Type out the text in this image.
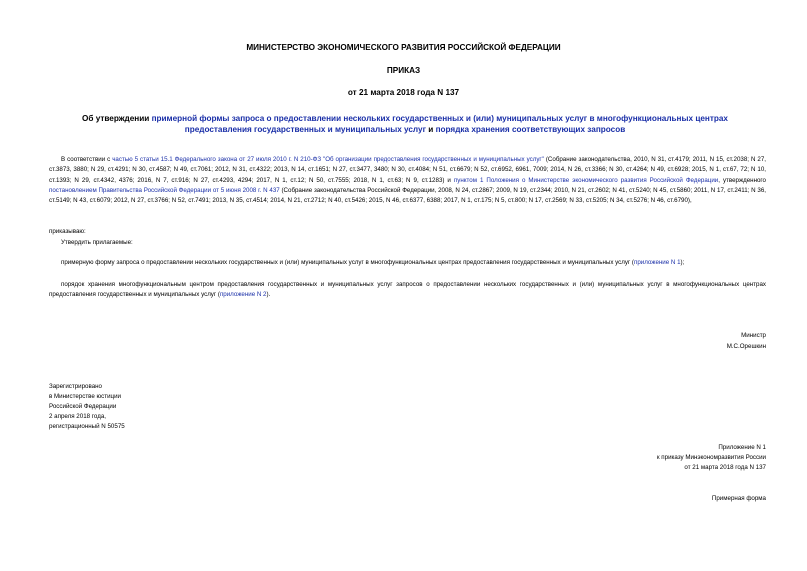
МИНИСТЕРСТВО ЭКОНОМИЧЕСКОГО РАЗВИТИЯ РОССИЙСКОЙ ФЕДЕРАЦИИ
ПРИКАЗ
от 21 марта 2018 года N 137
Об утверждении примерной формы запроса о предоставлении нескольких государственных и (или) муниципальных услуг в многофункциональных центрах предоставления государственных и муниципальных услуг и порядка хранения соответствующих запросов
В соответствии с частью 5 статьи 15.1 Федерального закона от 27 июля 2010 г. N 210-ФЗ "Об организации предоставления государственных и муниципальных услуг" (Собрание законодательства, 2010, N 31, ст.4179; 2011, N 15, ст.2038; N 27, ст.3873, 3880; N 29, ст.4291; N 30, ст.4587; N 49, ст.7061; 2012, N 31, ст.4322; 2013, N 14, ст.1651; N 27, ст.3477, 3480; N 30, ст.4084; N 51, ст.6679; N 52, ст.6952, 6961, 7009; 2014, N 26, ст.3366; N 30, ст.4264; N 49, ст.6928; 2015, N 1, ст.67, 72; N 10, ст.1393; N 29, ст.4342, 4376; 2016, N 7, ст.916; N 27, ст.4293, 4294; 2017, N 1, ст.12; N 50, ст.7555; 2018, N 1, ст.63; N 9, ст.1283) и пунктом 1 Положения о Министерстве экономического развития Российской Федерации, утвержденного постановлением Правительства Российской Федерации от 5 июня 2008 г. N 437 (Собрание законодательства Российской Федерации, 2008, N 24, ст.2867; 2009, N 19, ст.2344; 2010, N 21, ст.2602; N 41, ст.5240; N 45, ст.5860; 2011, N 17, ст.2411; N 36, ст.5149; N 43, ст.6079; 2012, N 27, ст.3766; N 52, ст.7491; 2013, N 35, ст.4514; 2014, N 21, ст.2712; N 40, ст.5426; 2015, N 46, ст.6377, 6388; 2017, N 1, ст.175; N 5, ст.800; N 17, ст.2569; N 33, ст.5205; N 34, ст.5276; N 46, ст.6790),
приказываю:
Утвердить прилагаемые:
примерную форму запроса о предоставлении нескольких государственных и (или) муниципальных услуг в многофункциональных центрах предоставления государственных и муниципальных услуг (приложение N 1);
порядок хранения многофункциональным центром предоставления государственных и муниципальных услуг запросов о предоставлении нескольких государственных и (или) муниципальных услуг в многофункциональных центрах предоставления государственных и муниципальных услуг (приложение N 2).
Министр
М.С.Орешкин
Зарегистрировано
в Министерстве юстиции
Российской Федерации
2 апреля 2018 года,
регистрационный N 50575
Приложение N 1
к приказу Минэкономразвития России
от 21 марта 2018 года N 137
Примерная форма
